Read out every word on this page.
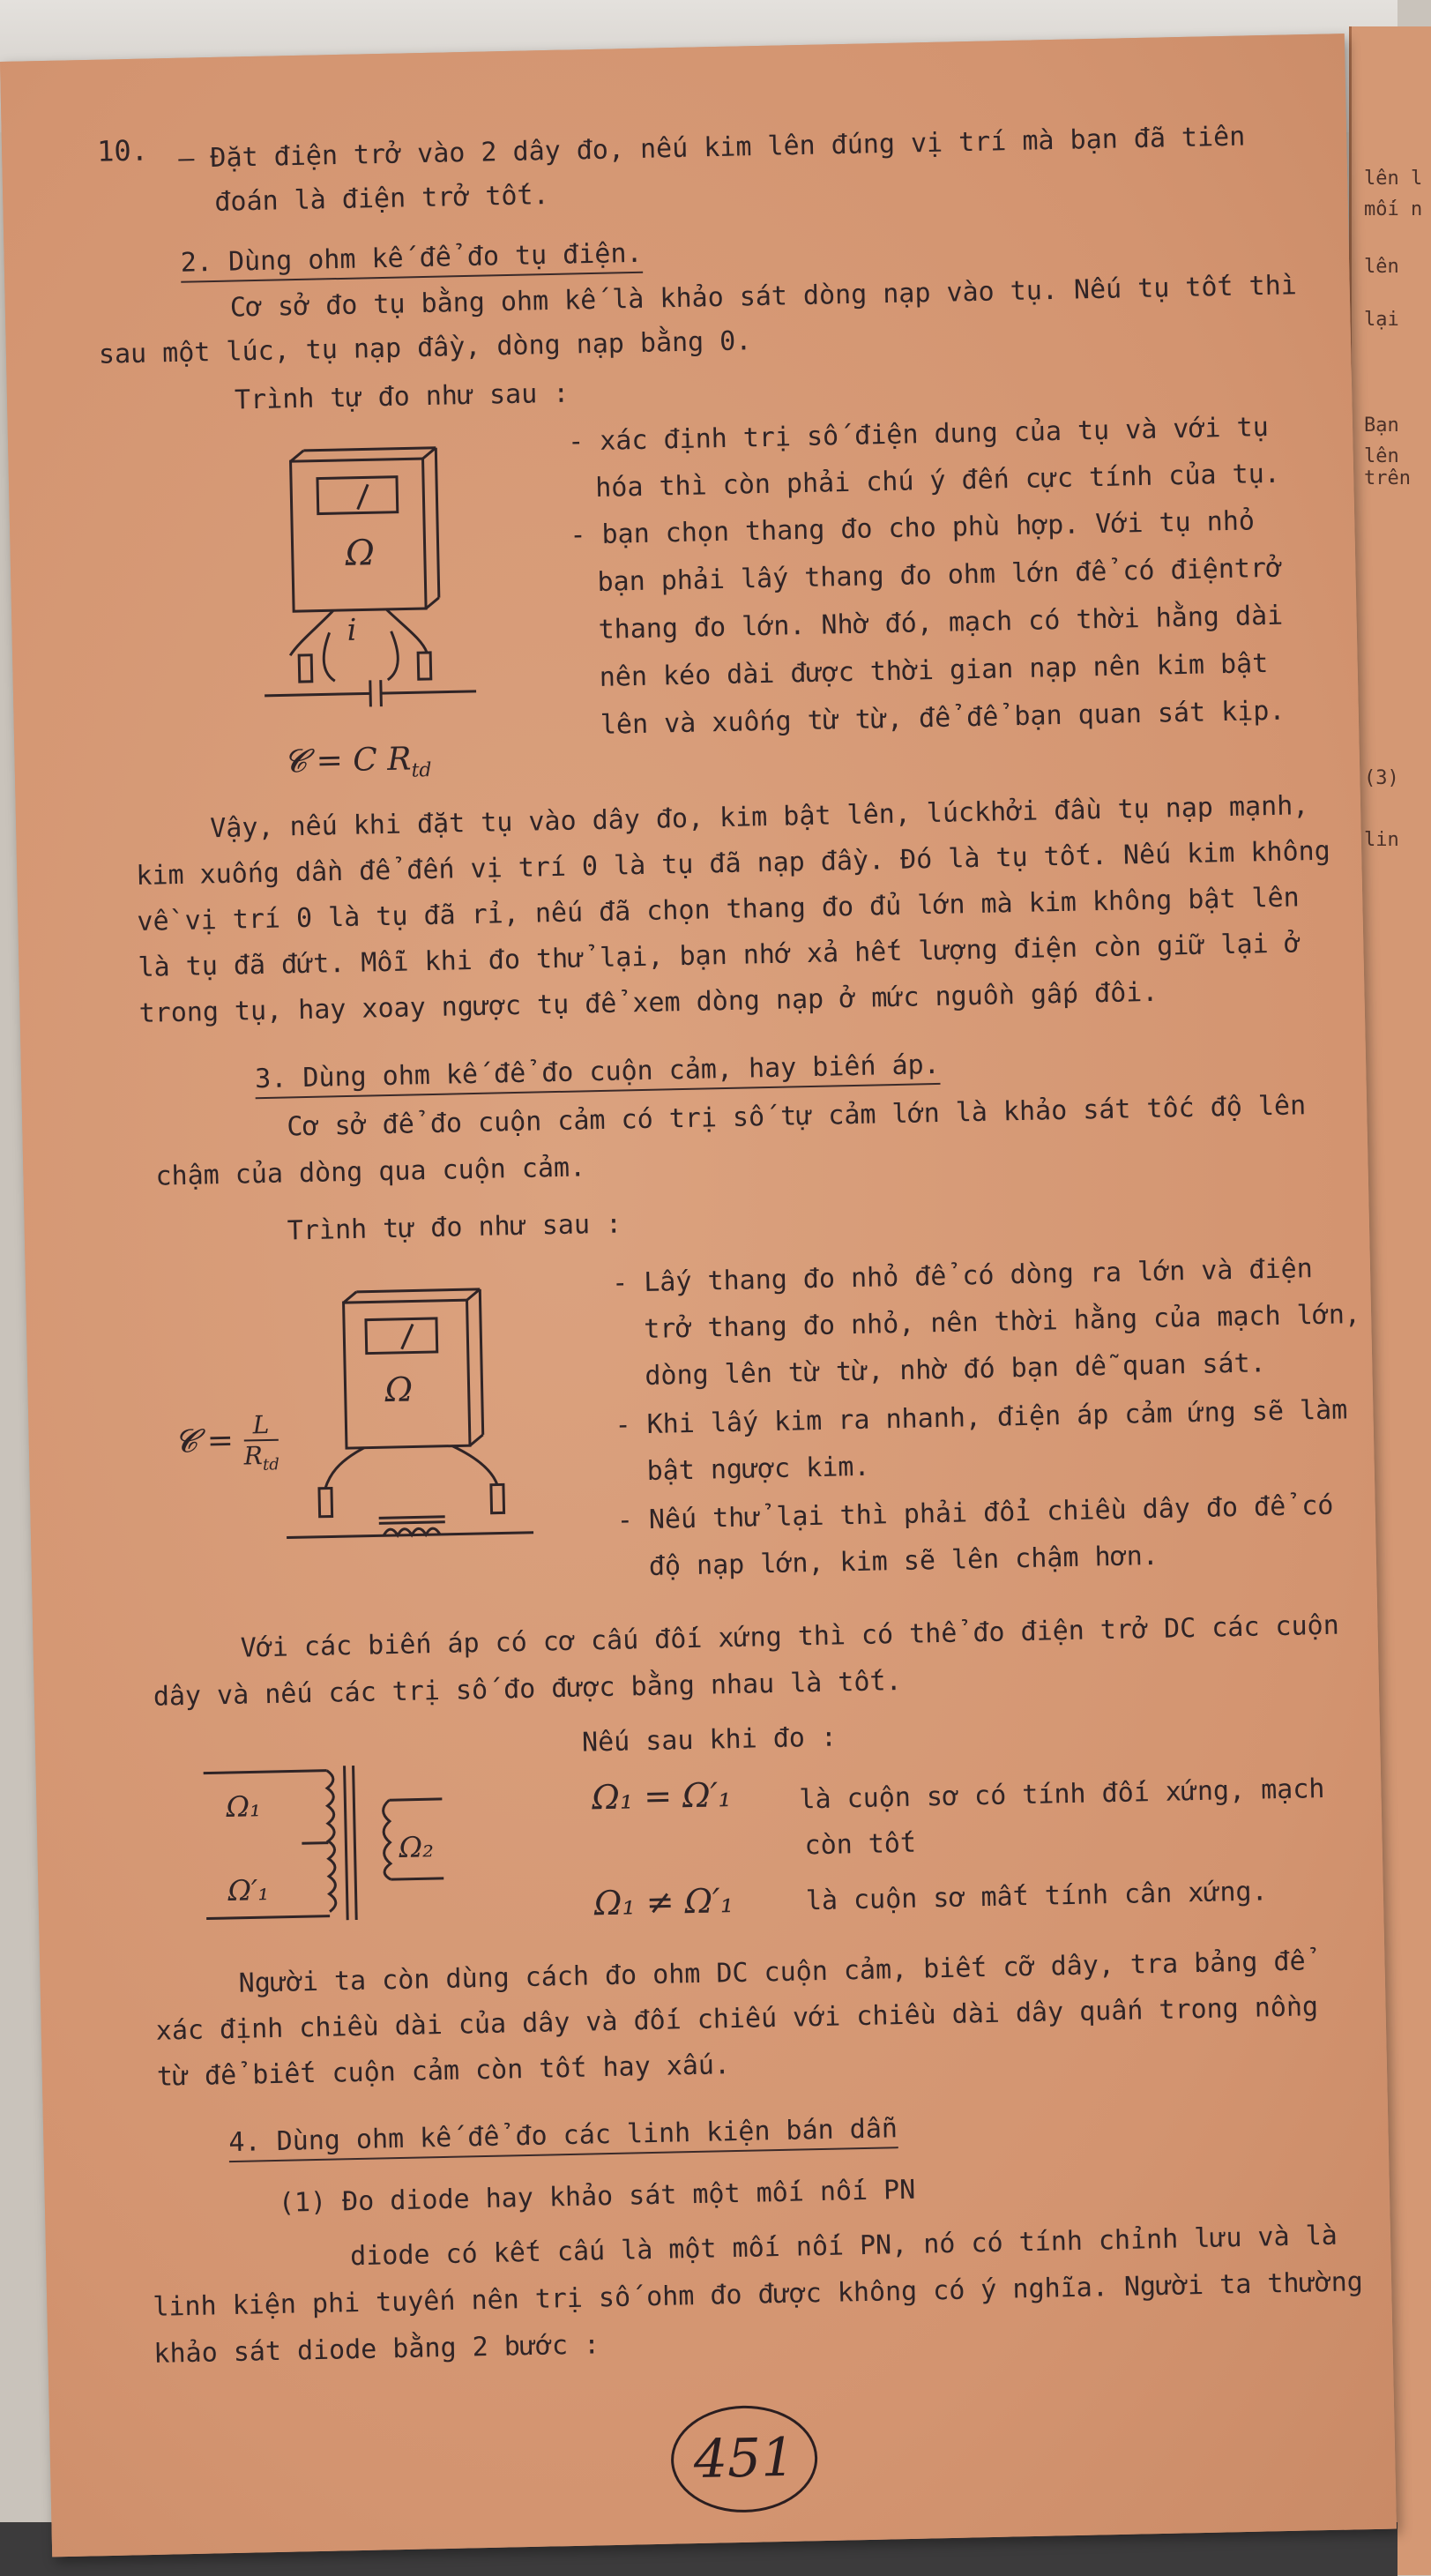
lên l
mối n
lên
lại
Bạn
lên
trên
(3)
lin
10. – Đặt điện trở vào 2 dây đo, nếu kim lên đúng vị trí mà bạn đã tiên
đoán là điện trở tốt.
2. Dùng ohm kế để đo tụ điện.
Cơ sở đo tụ bằng ohm kế là khảo sát dòng nạp vào tụ. Nếu tụ tốt thì
sau một lúc, tụ nạp đầy, dòng nạp bằng 0.
Trình tự đo như sau :
- xác định trị số điện dung của tụ và với tụ
hóa thì còn phải chú ý đến cực tính của tụ.
- bạn chọn thang đo cho phù hợp. Với tụ nhỏ
bạn phải lấy thang đo ohm lớn để có điệntrở
thang đo lớn. Nhờ đó, mạch có thời hằng dài
nên kéo dài được thời gian nạp nên kim bật
lên và xuống từ từ, để để bạn quan sát kịp.
Ω
i
𝓒 = C $R_{td}$
Vậy, nếu khi đặt tụ vào dây đo, kim bật lên, lúckhởi đầu tụ nạp mạnh,
kim xuống dần để đến vị trí 0 là tụ đã nạp đầy. Đó là tụ tốt. Nếu kim không
về vị trí 0 là tụ đã rỉ, nếu đã chọn thang đo đủ lớn mà kim không bật lên
là tụ đã đứt. Mỗi khi đo thử lại, bạn nhớ xả hết lượng điện còn giữ lại ở
trong tụ, hay xoay ngược tụ để xem dòng nạp ở mức nguồn gấp đôi.
3. Dùng ohm kế để đo cuộn cảm, hay biến áp.
Cơ sở để đo cuộn cảm có trị số tự cảm lớn là khảo sát tốc độ lên
chậm của dòng qua cuộn cảm.
Trình tự đo như sau :
- Lấy thang đo nhỏ để có dòng ra lớn và điện
trở thang đo nhỏ, nên thời hằng của mạch lớn,
dòng lên từ từ, nhờ đó bạn dễ quan sát.
- Khi lấy kim ra nhanh, điện áp cảm ứng sẽ làm
bật ngược kim.
- Nếu thử lại thì phải đổi chiều dây đo để có
độ nạp lớn, kim sẽ lên chậm hơn.
Ω
𝓒 = L
$R_{td}$
Với các biến áp có cơ cấu đối xứng thì có thể đo điện trở DC các cuộn
dây và nếu các trị số đo được bằng nhau là tốt.
Nếu sau khi đo :
Ω₁
Ω′₁
Ω₂
Ω₁ = Ω′₁	là cuộn sơ có tính đối xứng, mạch
còn tốt
Ω₁ ≠ Ω′₁	là cuộn sơ mất tính cân xứng.
Người ta còn dùng cách đo ohm DC cuộn cảm, biết cỡ dây, tra bảng để
xác định chiều dài của dây và đối chiếu với chiều dài dây quấn trong nồng
từ để biết cuộn cảm còn tốt hay xấu.
4. Dùng ohm kế để đo các linh kiện bán dẫn
(1) Đo diode hay khảo sát một mối nối PN
diode có kết cấu là một mối nối PN, nó có tính chỉnh lưu và là
linh kiện phi tuyến nên trị số ohm đo được không có ý nghĩa. Người ta thường
khảo sát diode bằng 2 bước :
451
